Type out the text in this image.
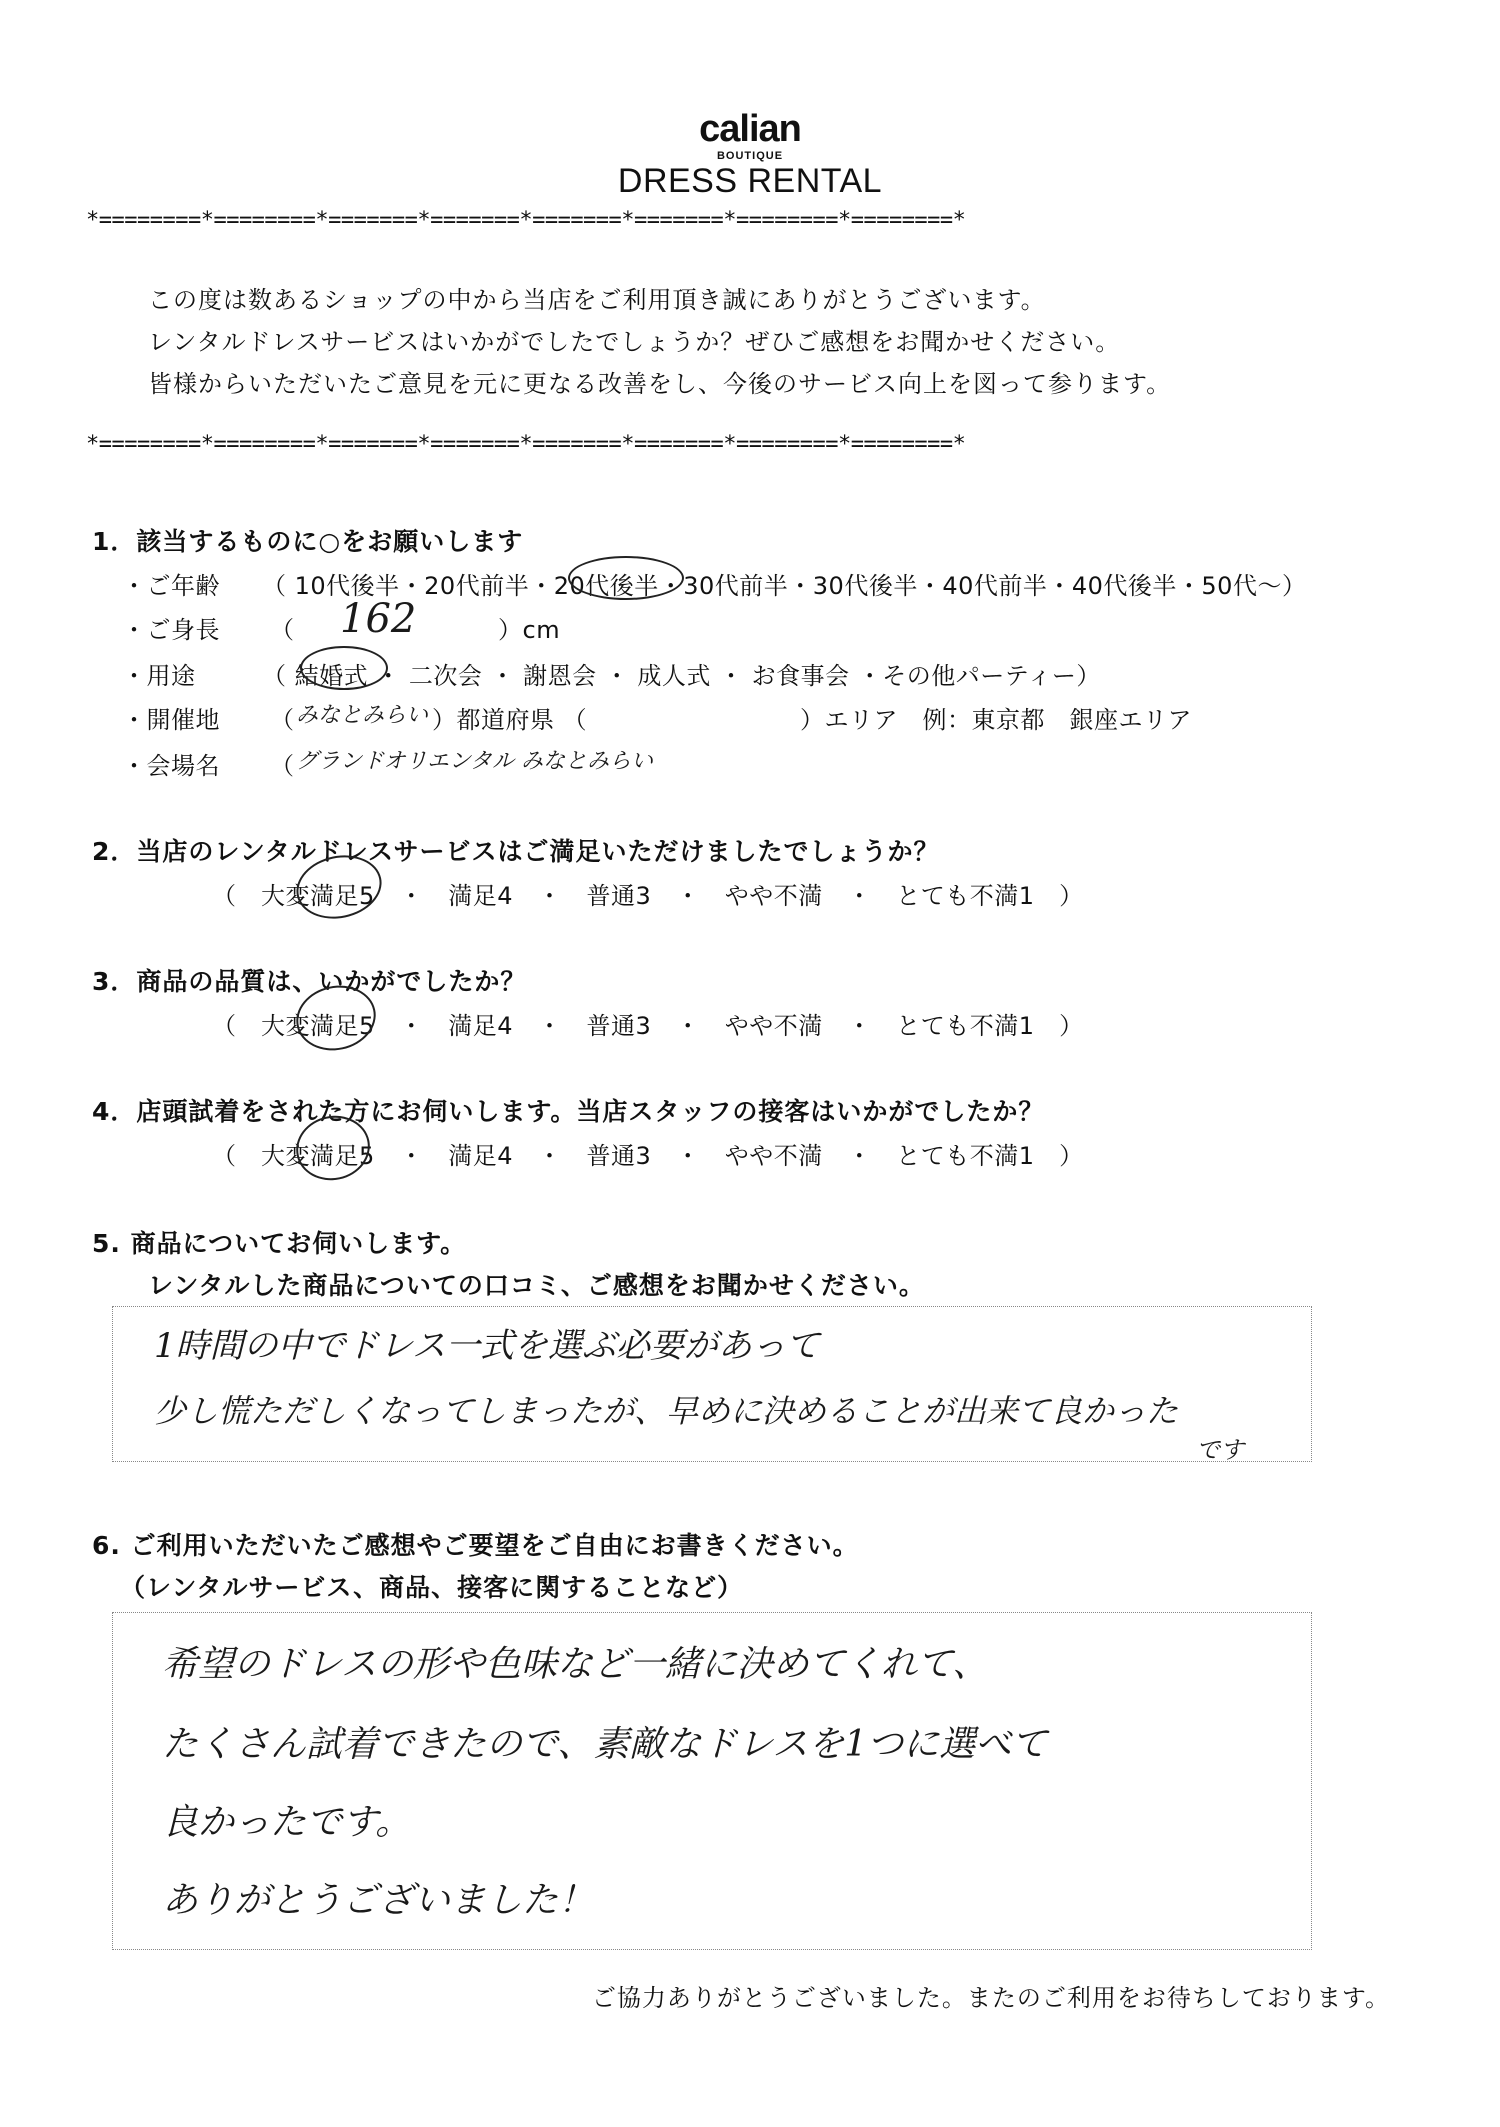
calian
BOUTIQUE
DRESS RENTAL
*========*========*=======*=======*=======*=======*========*========*
この度は数あるショップの中から当店をご利用頂き誠にありがとうございます。
レンタルドレスサービスはいかがでしたでしょうか？ぜひご感想をお聞かせください。
皆様からいただいたご意見を元に更なる改善をし、今後のサービス向上を図って参ります。
*========*========*=======*=======*=======*=======*========*========*
1．該当するものに○をお願いします
・ご年齢 （ 10代後半・20代前半・20代後半・30代前半・30代後半・40代前半・40代後半・50代～）
・ご身長 （ 162	）cm
・用途	（ 結婚式 ・ 二次会 ・ 謝恩会 ・ 成人式 ・ お食事会 ・その他パーティー）
・開催地 （ みなとみらい ）都道府県 （	）エリア　例：東京都　銀座エリア
・会場名 （ グランドオリエンタル みなとみらい
2．当店のレンタルドレスサービスはご満足いただけましたでしょうか？
（　大変満足5　・　満足4　・　普通3　・　やや不満　・　とても不満1　）
3．商品の品質は、いかがでしたか？
（　大変満足5　・　満足4　・　普通3　・　やや不満　・　とても不満1　）
4．店頭試着をされた方にお伺いします。当店スタッフの接客はいかがでしたか？
（　大変満足5　・　満足4　・　普通3　・　やや不満　・　とても不満1　）
5. 商品についてお伺いします。
レンタルした商品についての口コミ、ご感想をお聞かせください。
1時間の中でドレス一式を選ぶ必要があって
少し慌ただしくなってしまったが、早めに決めることが出来て良かった
です
6. ご利用いただいたご感想やご要望をご自由にお書きください。
（レンタルサービス、商品、接客に関することなど）
希望のドレスの形や色味など一緒に決めてくれて、
たくさん試着できたので、素敵なドレスを1つに選べて
良かったです。
ありがとうございました！
ご協力ありがとうございました。またのご利用をお待ちしております。
